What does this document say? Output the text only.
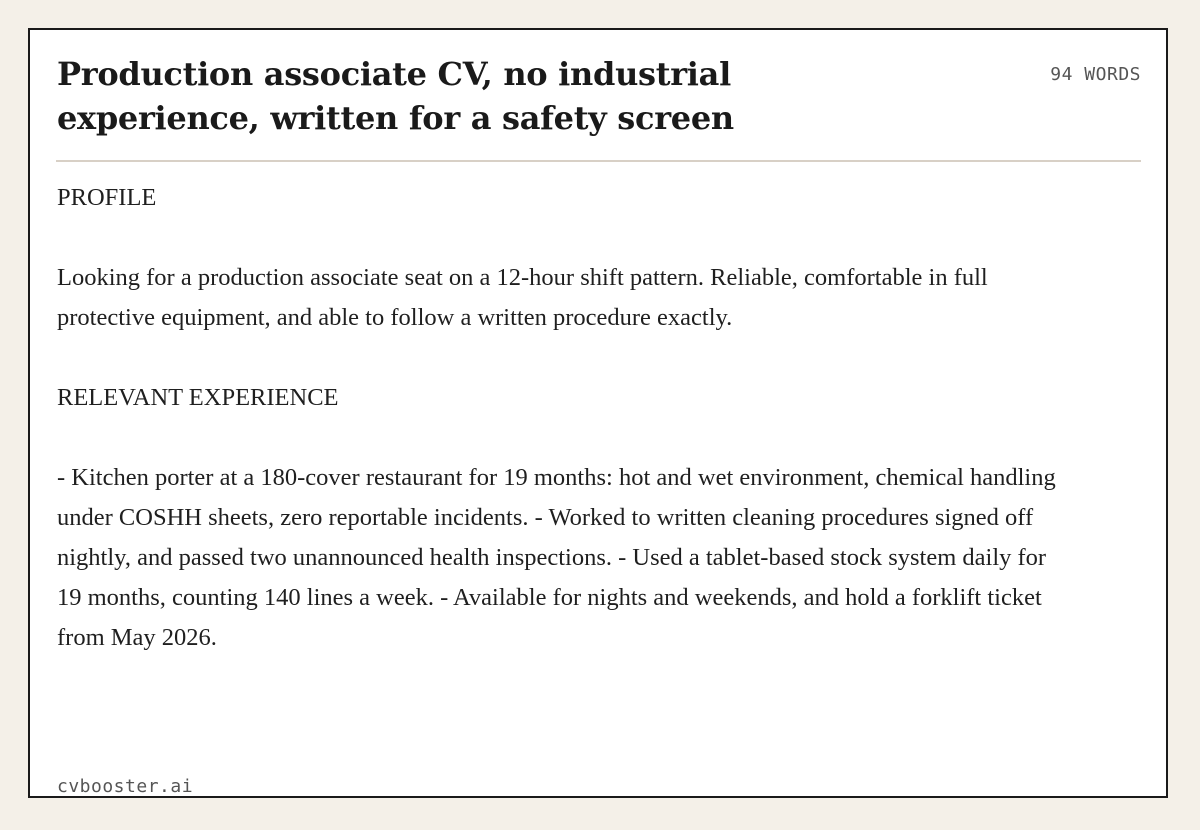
Production associate CV, no industrial experience, written for a safety screen
94 WORDS

PROFILE

Looking for a production associate seat on a 12-hour shift pattern. Reliable, comfortable in full protective equipment, and able to follow a written procedure exactly.

RELEVANT EXPERIENCE

- Kitchen porter at a 180-cover restaurant for 19 months: hot and wet environment, chemical handling under COSHH sheets, zero reportable incidents. - Worked to written cleaning procedures signed off nightly, and passed two unannounced health inspections. - Used a tablet-based stock system daily for 19 months, counting 140 lines a week. - Available for nights and weekends, and hold a forklift ticket from May 2026.

cvbooster.ai
